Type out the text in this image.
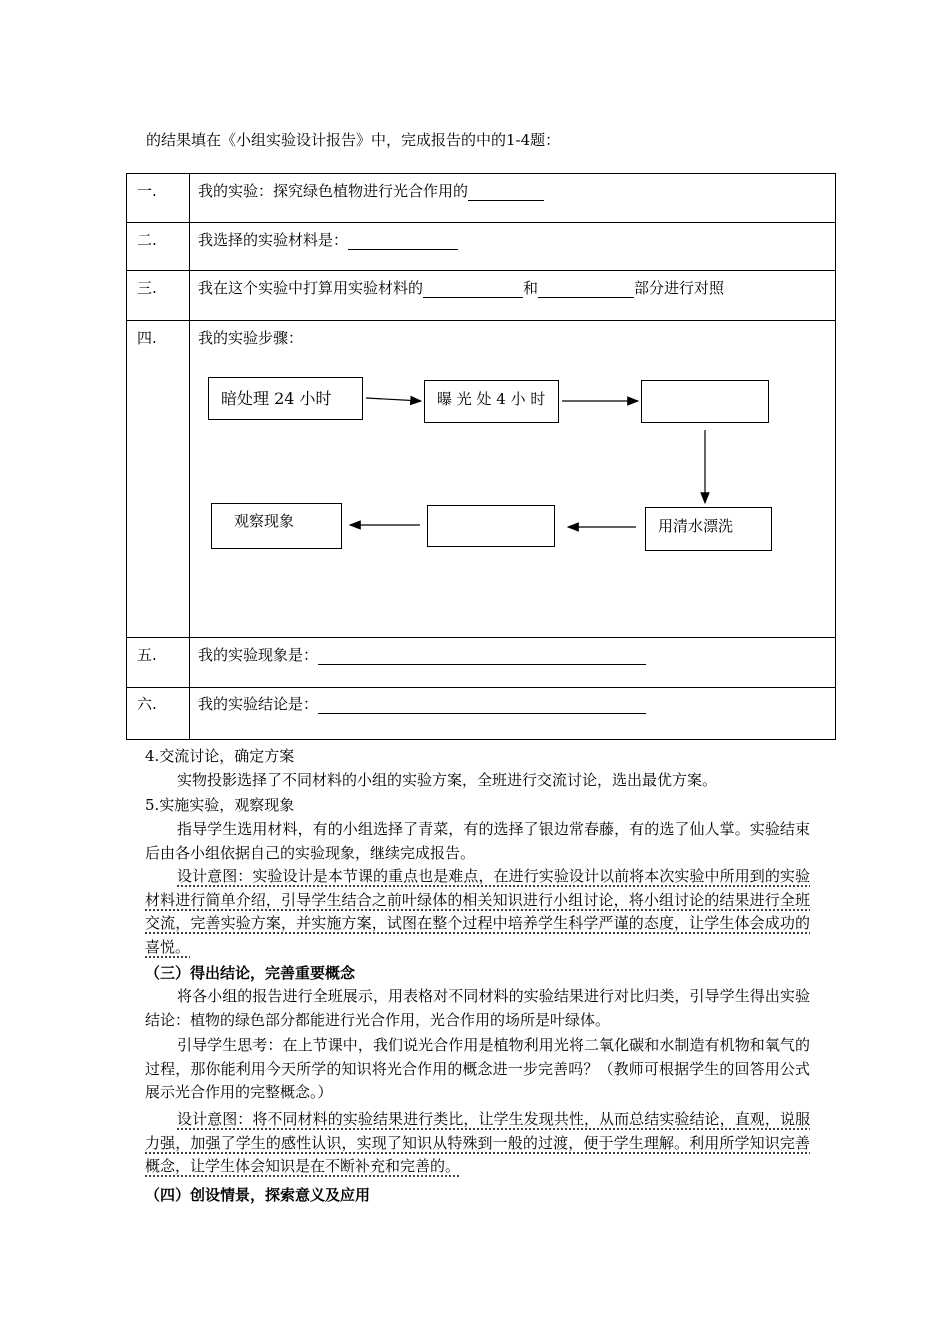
的结果填在《小组实验设计报告》中，完成报告的中的1-4题：
一.	我的实验：探究绿色植物进行光合作用的
二.	我选择的实验材料是：
三.	我在这个实验中打算用实验材料的	和	部分进行对照
四.	我的实验步骤：
暗处理 24 小时	曝 光 处 4 小 时
用清水漂洗
观察现象
五.	我的实验现象是：
六.	我的实验结论是：
4.交流讨论，确定方案
实物投影选择了不同材料的小组的实验方案，全班进行交流讨论，选出最优方案。
5.实施实验，观察现象
指导学生选用材料，有的小组选择了青菜，有的选择了银边常春藤，有的选了仙人掌。实验结束后由各小组依据自己的实验现象，继续完成报告。
设计意图：实验设计是本节课的重点也是难点，在进行实验设计以前将本次实验中所用到的实验材料进行简单介绍，引导学生结合之前叶绿体的相关知识进行小组讨论，将小组讨论的结果进行全班交流，完善实验方案，并实施方案，试图在整个过程中培养学生科学严谨的态度，让学生体会成功的喜悦。
（三）得出结论，完善重要概念
将各小组的报告进行全班展示，用表格对不同材料的实验结果进行对比归类，引导学生得出实验结论：植物的绿色部分都能进行光合作用，光合作用的场所是叶绿体。
引导学生思考：在上节课中，我们说光合作用是植物利用光将二氧化碳和水制造有机物和氧气的过程，那你能利用今天所学的知识将光合作用的概念进一步完善吗？（教师可根据学生的回答用公式展示光合作用的完整概念。）
设计意图：将不同材料的实验结果进行类比，让学生发现共性，从而总结实验结论，直观，说服力强，加强了学生的感性认识，实现了知识从特殊到一般的过渡，便于学生理解。利用所学知识完善概念，让学生体会知识是在不断补充和完善的。
（四）创设情景，探索意义及应用
